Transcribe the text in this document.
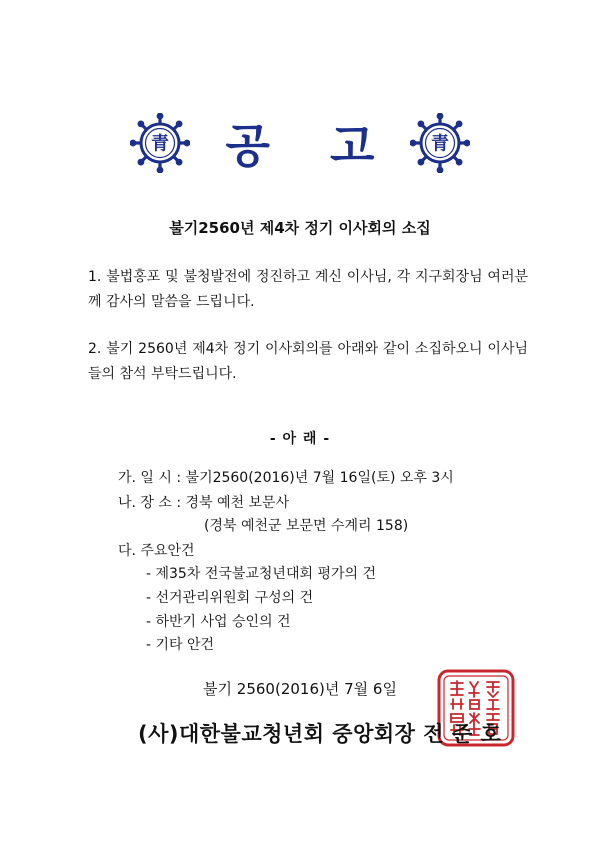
青 공 고 青
불기2560년 제4차 정기 이사회의 소집
1. 불법홍포 및 불청발전에 정진하고 계신 이사님, 각 지구회장님 여러분께 감사의 말씀을 드립니다.
2. 불기 2560년 제4차 정기 이사회의를 아래와 같이 소집하오니 이사님들의 참석 부탁드립니다.
- 아 래 -
가. 일 시 : 불기2560(2016)년 7월 16일(토) 오후 3시
나. 장 소 : 경북 예천 보문사
(경북 예천군 보문면 수계리 158)
다. 주요안건
- 제35차 전국불교청년대회 평가의 건
- 선거관리위원회 구성의 건
- 하반기 사업 승인의 건
- 기타 안건
불기 2560(2016)년 7월 6일
(사)대한불교청년회 중앙회장 전 준 호
